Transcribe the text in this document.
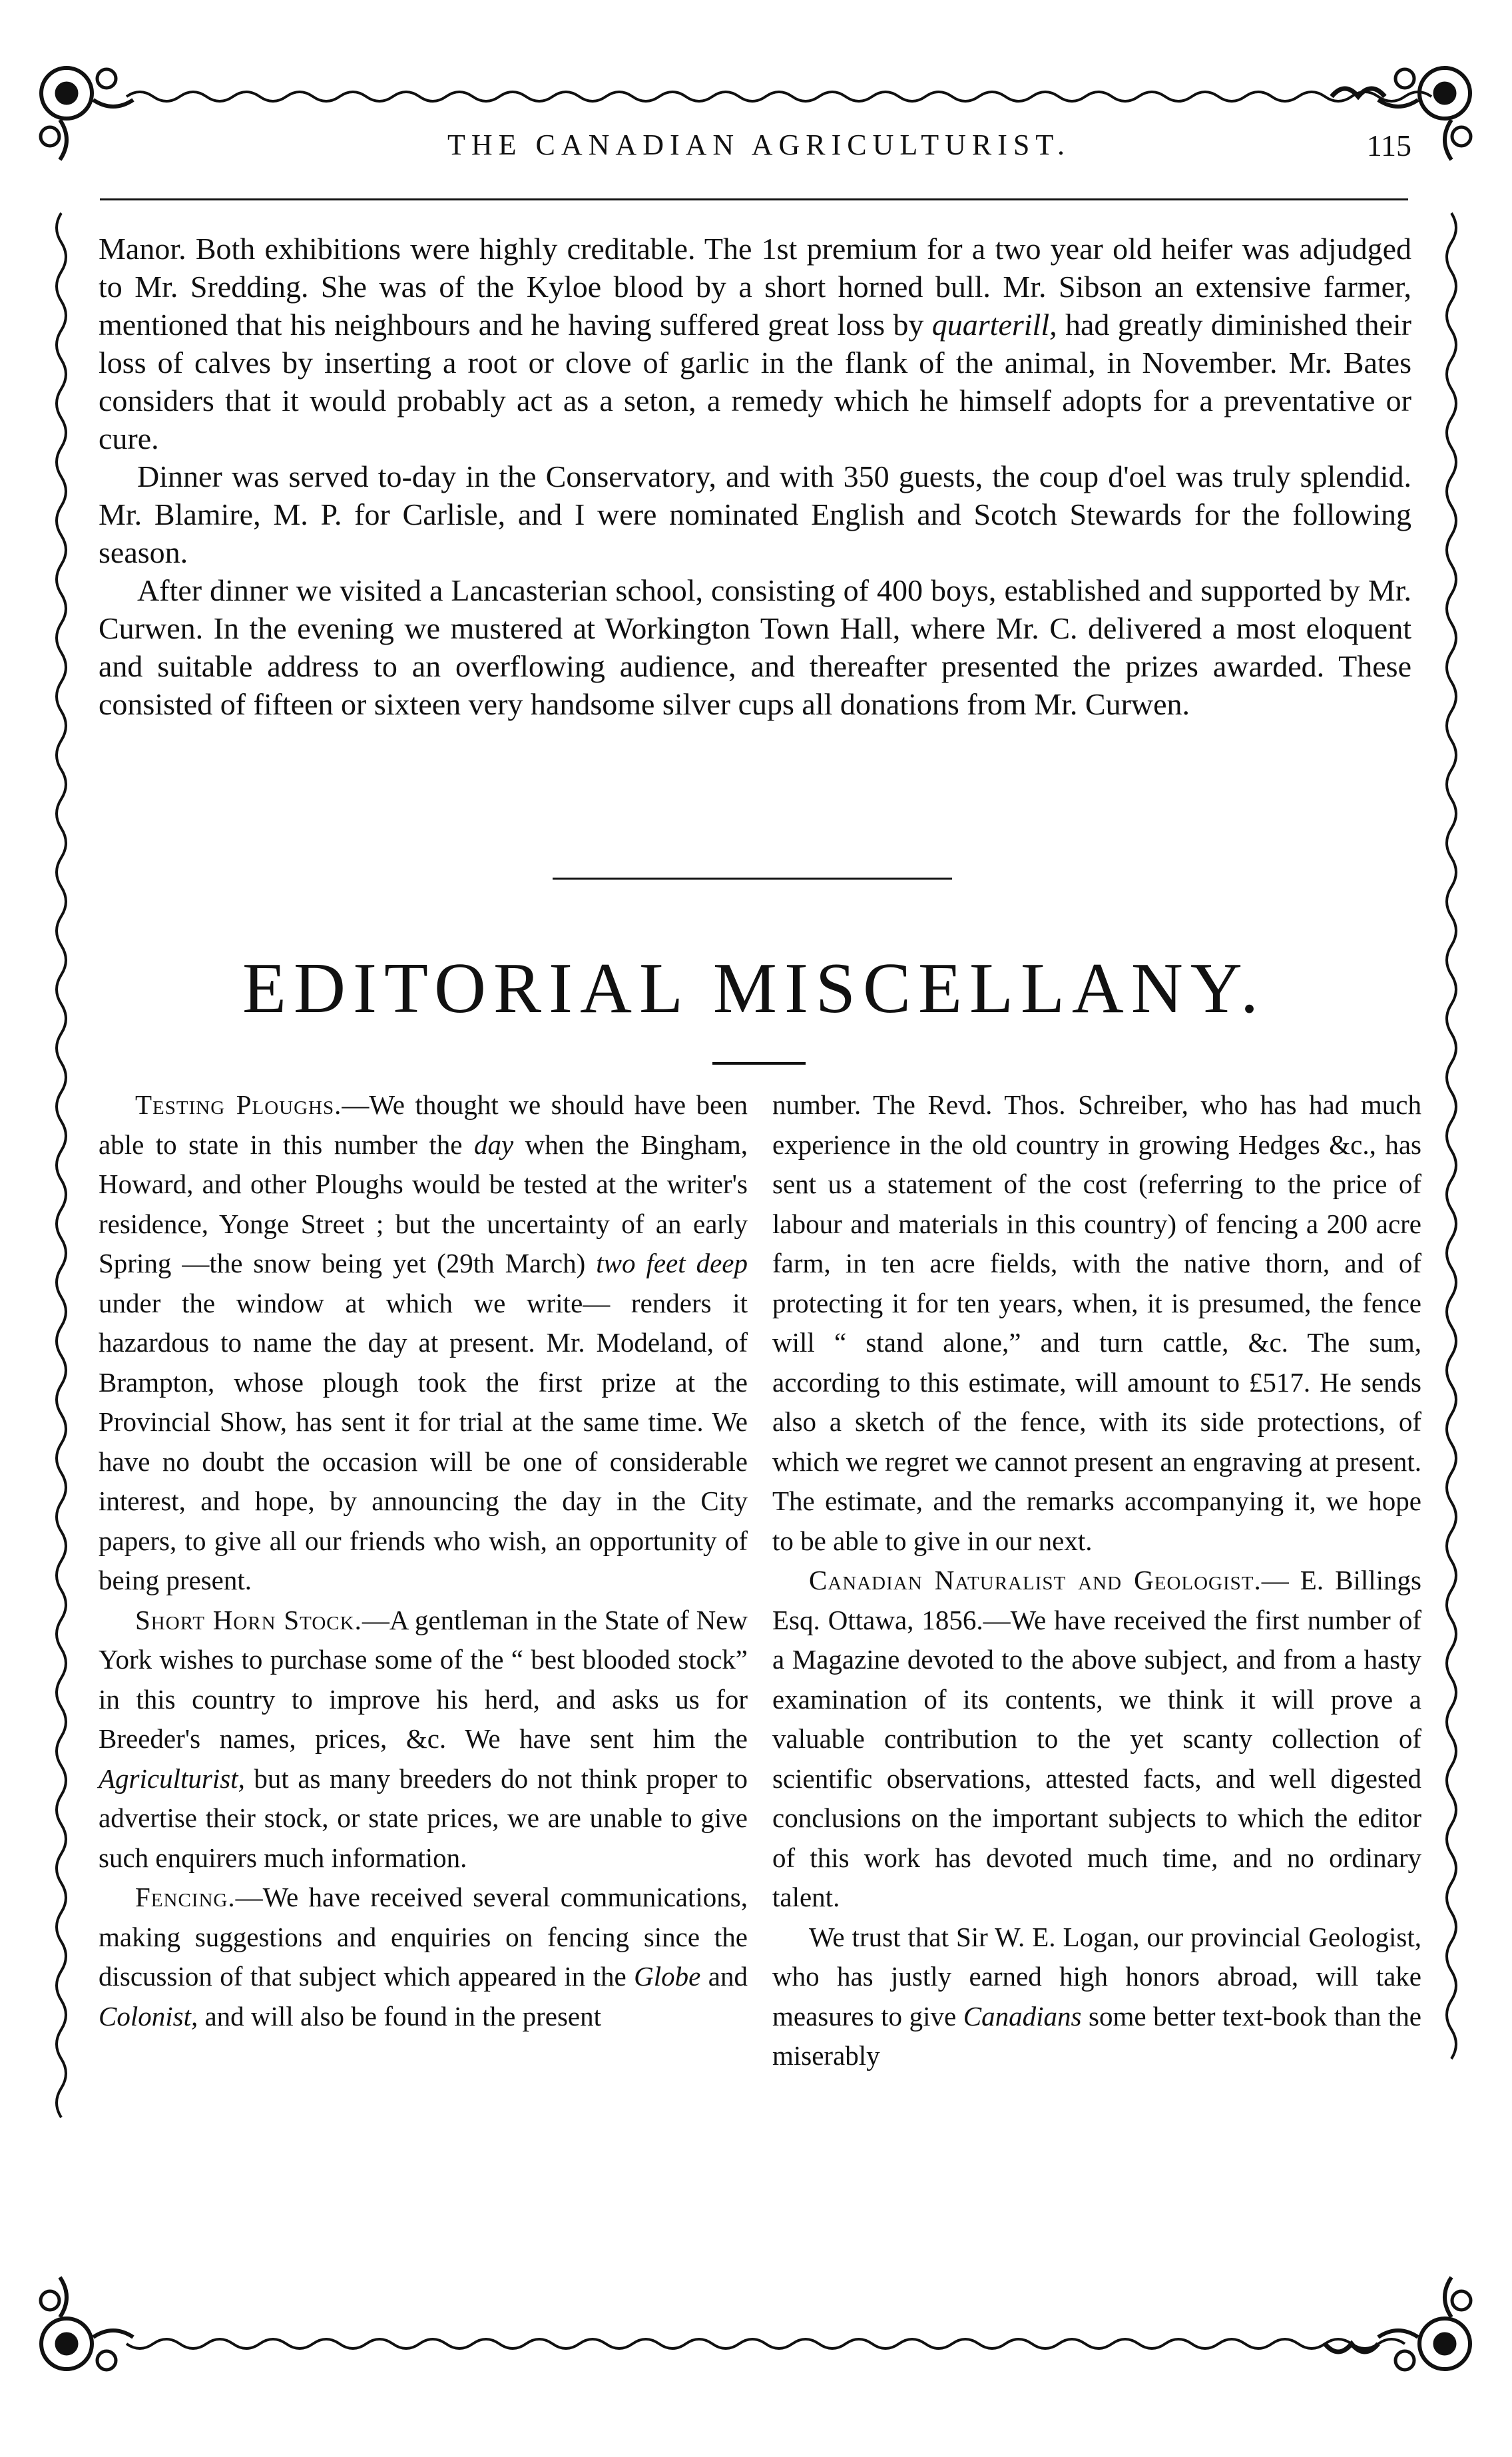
THE CANADIAN AGRICULTURIST.	115

Manor. Both exhibitions were highly creditable. The 1st premium for a two year old heifer was adjudged to Mr. Sredding. She was of the Kyloe blood by a short horned bull. Mr. Sibson an extensive farmer, mentioned that his neighbours and he having suffered great loss by quarterill, had greatly diminished their loss of calves by inserting a root or clove of garlic in the flank of the animal, in November. Mr. Bates considers that it would probably act as a seton, a remedy which he himself adopts for a preventative or cure.

Dinner was served to-day in the Conservatory, and with 350 guests, the coup d'oel was truly splendid. Mr. Blamire, M. P. for Carlisle, and I were nominated English and Scotch Stewards for the following season.

After dinner we visited a Lancasterian school, consisting of 400 boys, established and supported by Mr. Curwen. In the evening we mustered at Workington Town Hall, where Mr. C. delivered a most eloquent and suitable address to an overflowing audience, and thereafter presented the prizes awarded. These consisted of fifteen or sixteen very handsome silver cups all donations from Mr. Curwen.

EDITORIAL MISCELLANY.

Testing Ploughs.—We thought we should have been able to state in this number the day when the Bingham, Howard, and other Ploughs would be tested at the writer's residence, Yonge Street ; but the uncertainty of an early Spring —the snow being yet (29th March) two feet deep under the window at which we write— renders it hazardous to name the day at present. Mr. Modeland, of Brampton, whose plough took the first prize at the Provincial Show, has sent it for trial at the same time. We have no doubt the occasion will be one of considerable interest, and hope, by announcing the day in the City papers, to give all our friends who wish, an opportunity of being present.

Short Horn Stock.—A gentleman in the State of New York wishes to purchase some of the “ best blooded stock” in this country to improve his herd, and asks us for Breeder's names, prices, &c. We have sent him the Agriculturist, but as many breeders do not think proper to advertise their stock, or state prices, we are unable to give such enquirers much information.

Fencing.—We have received several communications, making suggestions and enquiries on fencing since the discussion of that subject which appeared in the Globe and Colonist, and will also be found in the present

number. The Revd. Thos. Schreiber, who has had much experience in the old country in growing Hedges &c., has sent us a statement of the cost (referring to the price of labour and materials in this country) of fencing a 200 acre farm, in ten acre fields, with the native thorn, and of protecting it for ten years, when, it is presumed, the fence will “ stand alone,” and turn cattle, &c. The sum, according to this estimate, will amount to £517. He sends also a sketch of the fence, with its side protections, of which we regret we cannot present an engraving at present. The estimate, and the remarks accompanying it, we hope to be able to give in our next.

Canadian Naturalist and Geologist.— E. Billings Esq. Ottawa, 1856.—We have received the first number of a Magazine devoted to the above subject, and from a hasty examination of its contents, we think it will prove a valuable contribution to the yet scanty collection of scientific observations, attested facts, and well digested conclusions on the important subjects to which the editor of this work has devoted much time, and no ordinary talent.

We trust that Sir W. E. Logan, our provincial Geologist, who has justly earned high honors abroad, will take measures to give Canadians some better text-book than the miserably
